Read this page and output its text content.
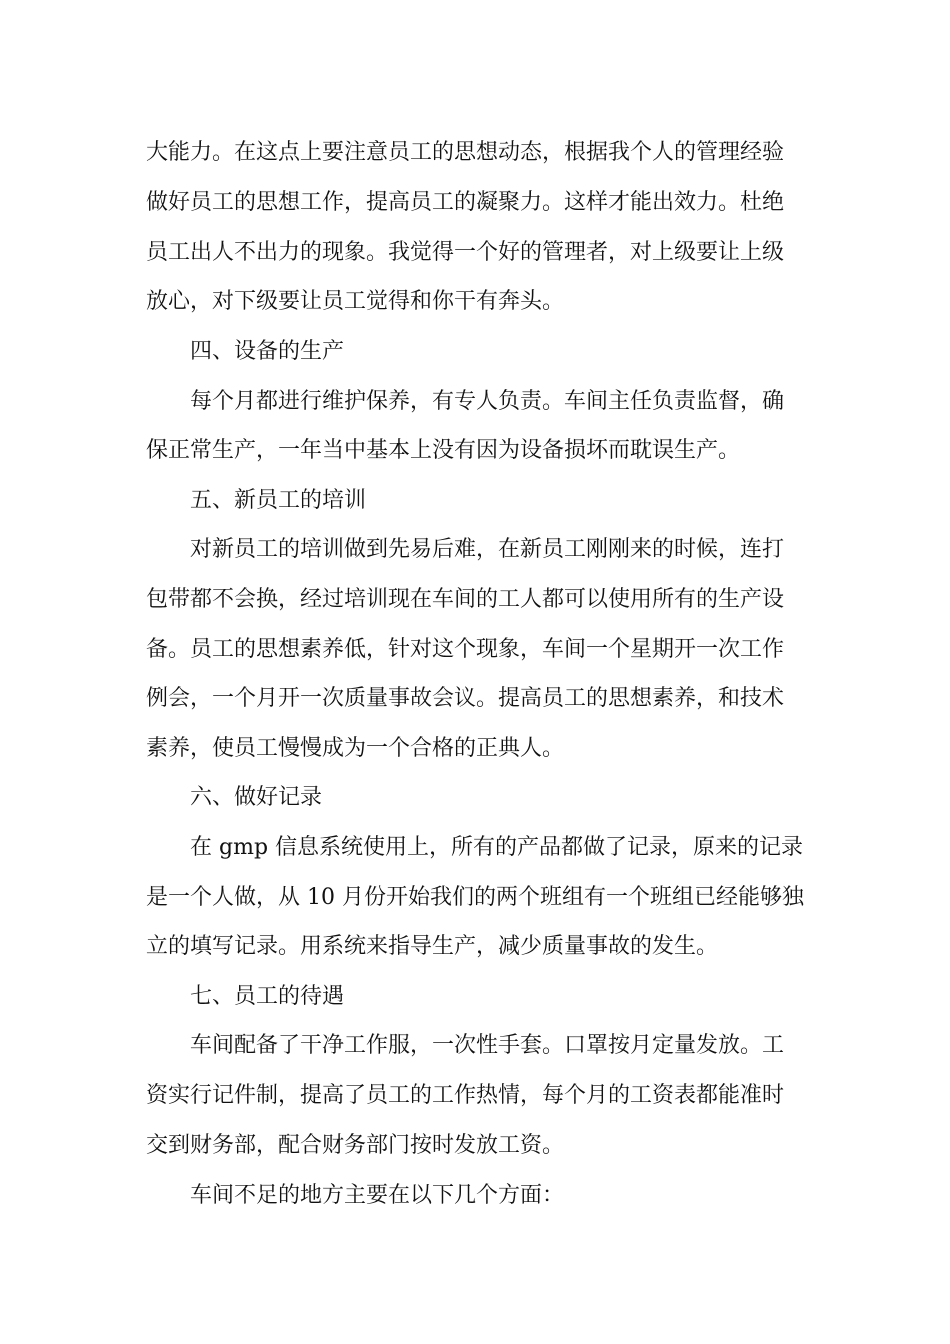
大能力。在这点上要注意员工的思想动态，根据我个人的管理经验
做好员工的思想工作，提高员工的凝聚力。这样才能出效力。杜绝
员工出人不出力的现象。我觉得一个好的管理者，对上级要让上级
放心，对下级要让员工觉得和你干有奔头。
四、设备的生产
每个月都进行维护保养，有专人负责。车间主任负责监督，确
保正常生产，一年当中基本上没有因为设备损坏而耽误生产。
五、新员工的培训
对新员工的培训做到先易后难，在新员工刚刚来的时候，连打
包带都不会换，经过培训现在车间的工人都可以使用所有的生产设
备。员工的思想素养低，针对这个现象，车间一个星期开一次工作
例会，一个月开一次质量事故会议。提高员工的思想素养，和技术
素养，使员工慢慢成为一个合格的正典人。
六、做好记录
在 gmp 信息系统使用上，所有的产品都做了记录，原来的记录
是一个人做，从 10 月份开始我们的两个班组有一个班组已经能够独
立的填写记录。用系统来指导生产，减少质量事故的发生。
七、员工的待遇
车间配备了干净工作服，一次性手套。口罩按月定量发放。工
资实行记件制，提高了员工的工作热情，每个月的工资表都能准时
交到财务部，配合财务部门按时发放工资。
车间不足的地方主要在以下几个方面：
